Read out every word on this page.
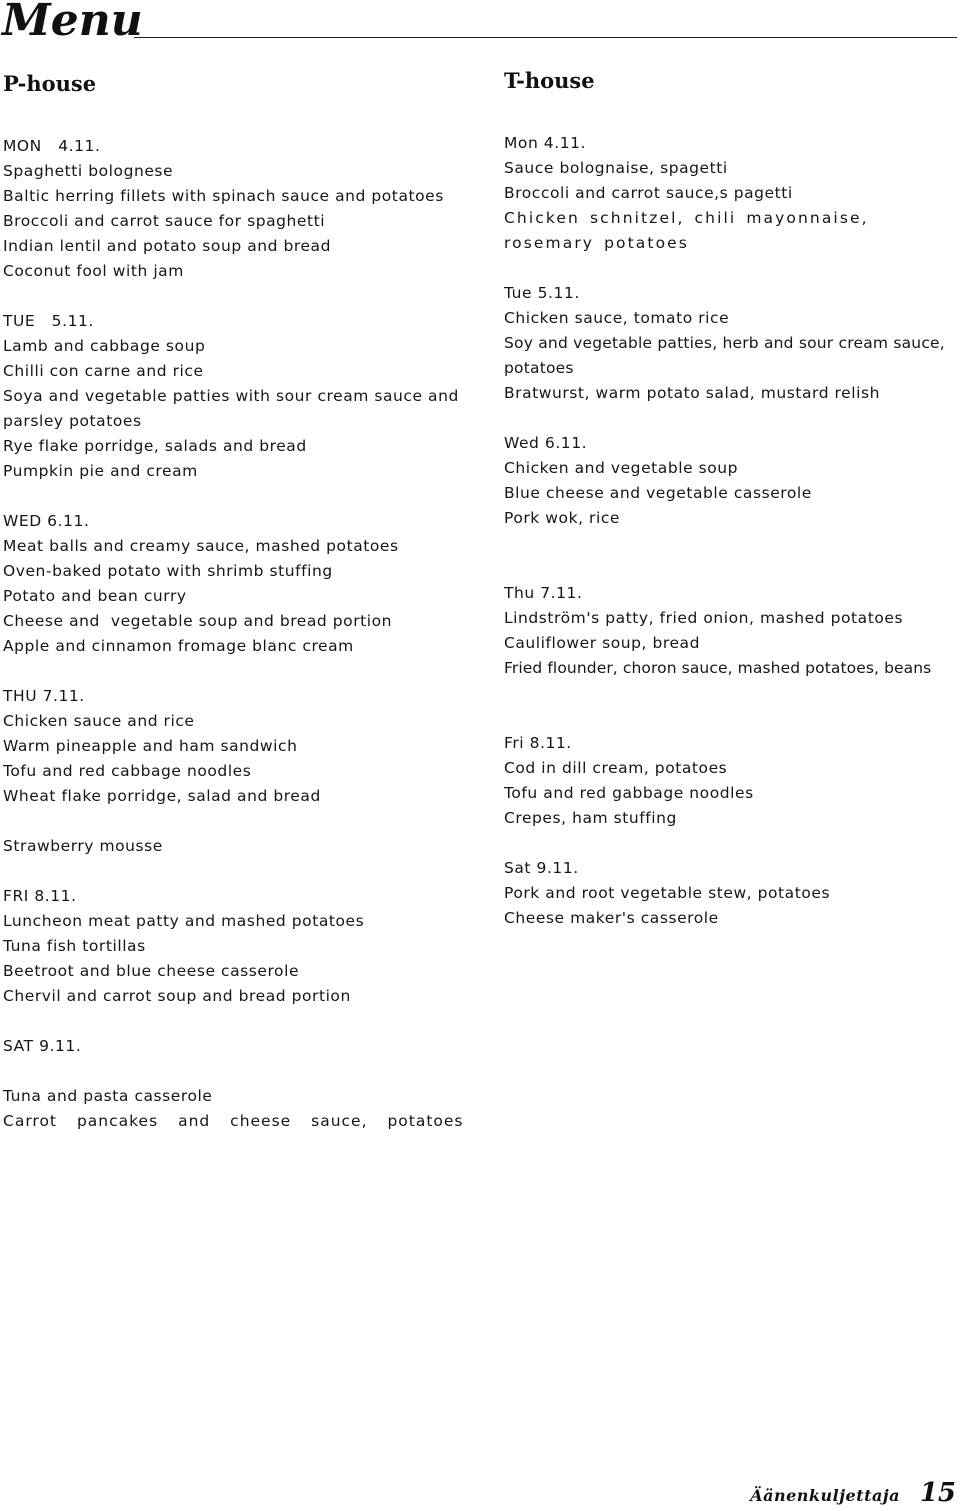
Menu
P-house	T-house
MON   4.11.
Spaghetti bolognese
Baltic herring fillets with spinach sauce and potatoes
Broccoli and carrot sauce for spaghetti
Indian lentil and potato soup and bread
Coconut fool with jam
TUE   5.11.
Lamb and cabbage soup
Chilli con carne and rice
Soya and vegetable patties with sour cream sauce and parsley potatoes
Rye flake porridge, salads and bread
Pumpkin pie and cream
WED 6.11.
Meat balls and creamy sauce, mashed potatoes
Oven-baked potato with shrimb stuffing
Potato and bean curry
Cheese and  vegetable soup and bread portion
Apple and cinnamon fromage blanc cream
THU 7.11.
Chicken sauce and rice
Warm pineapple and ham sandwich
Tofu and red cabbage noodles
Wheat flake porridge, salad and bread
Strawberry mousse
FRI 8.11.
Luncheon meat patty and mashed potatoes
Tuna fish tortillas
Beetroot and blue cheese casserole
Chervil and carrot soup and bread portion
SAT 9.11.
Tuna and pasta casserole
Carrot pancakes and cheese sauce, potatoes
Mon 4.11.
Sauce bolognaise, spagetti
Broccoli and carrot sauce,s pagetti
Chicken schnitzel, chili mayonnaise, rosemary potatoes
Tue 5.11.
Chicken sauce, tomato rice
Soy and vegetable patties, herb and sour cream sauce, potatoes
Bratwurst, warm potato salad, mustard relish
Wed 6.11.
Chicken and vegetable soup
Blue cheese and vegetable casserole
Pork wok, rice
Thu 7.11.
Lindström's patty, fried onion, mashed potatoes
Cauliflower soup, bread
Fried flounder, choron sauce, mashed potatoes, beans
Fri 8.11.
Cod in dill cream, potatoes
Tofu and red gabbage noodles
Crepes, ham stuffing
Sat 9.11.
Pork and root vegetable stew, potatoes
Cheese maker's casserole
Äänenkuljettaja 15
